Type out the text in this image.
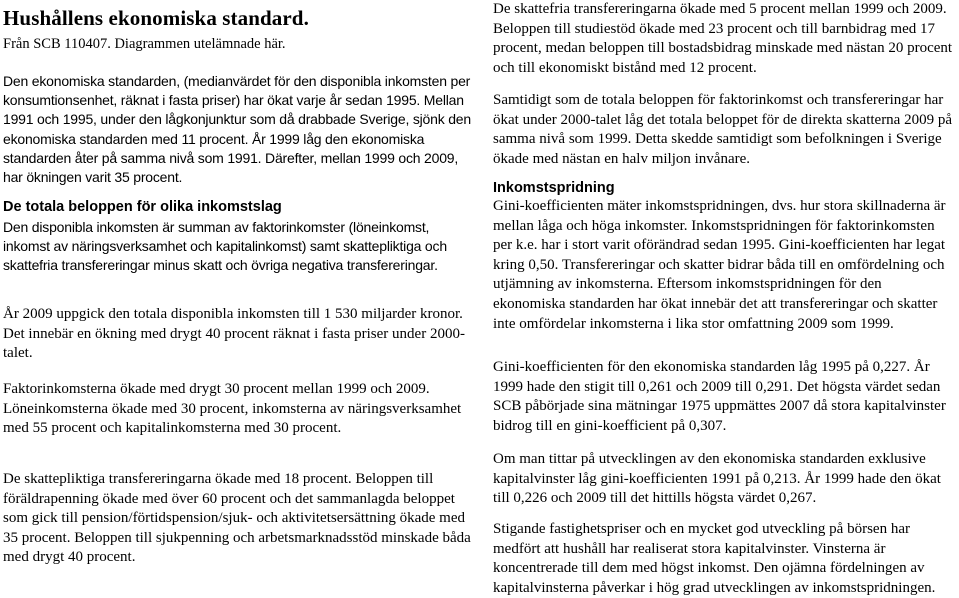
Hushållens ekonomiska standard.

Från SCB 110407. Diagrammen utelämnade här.

Den ekonomiska standarden, (medianvärdet för den disponibla inkomsten per konsumtionsenhet, räknat i fasta priser) har ökat varje år sedan 1995. Mellan 1991 och 1995, under den lågkonjunktur som då drabbade Sverige, sjönk den ekonomiska standarden med 11 procent. År 1999 låg den ekonomiska standarden åter på samma nivå som 1991. Därefter, mellan 1999 och 2009, har ökningen varit 35 procent.

De totala beloppen för olika inkomstslag

Den disponibla inkomsten är summan av faktorinkomster (löneinkomst, inkomst av näringsverksamhet och kapitalinkomst) samt skattepliktiga och skattefria transfereringar minus skatt och övriga negativa transfereringar.

År 2009 uppgick den totala disponibla inkomsten till 1 530 miljarder kronor. Det innebär en ökning med drygt 40 procent räknat i fasta priser under 2000-talet.

Faktorinkomsterna ökade med drygt 30 procent mellan 1999 och 2009. Löneinkomsterna ökade med 30 procent, inkomsterna av näringsverksamhet med 55 procent och kapitalinkomsterna med 30 procent.

De skattepliktiga transfereringarna ökade med 18 procent. Beloppen till föräldrapenning ökade med över 60 procent och det sammanlagda beloppet som gick till pension/förtidspension/sjuk- och aktivitetsersättning ökade med 35 procent. Beloppen till sjukpenning och arbetsmarknadsstöd minskade båda med drygt 40 procent.

De skattefria transfereringarna ökade med 5 procent mellan 1999 och 2009. Beloppen till studiestöd ökade med 23 procent och till barnbidrag med 17 procent, medan beloppen till bostadsbidrag minskade med nästan 20 procent och till ekonomiskt bistånd med 12 procent.

Samtidigt som de totala beloppen för faktorinkomst och transfereringar har ökat under 2000-talet låg det totala beloppet för de direkta skatterna 2009 på samma nivå som 1999. Detta skedde samtidigt som befolkningen i Sverige ökade med nästan en halv miljon invånare.

Inkomstspridning

Gini-koefficienten mäter inkomstspridningen, dvs. hur stora skillnaderna är mellan låga och höga inkomster. Inkomstspridningen för faktorinkomsten per k.e. har i stort varit oförändrad sedan 1995. Gini-koefficienten har legat kring 0,50. Transfereringar och skatter bidrar båda till en omfördelning och utjämning av inkomsterna. Eftersom inkomstspridningen för den ekonomiska standarden har ökat innebär det att transfereringar och skatter inte omfördelar inkomsterna i lika stor omfattning 2009 som 1999.

Gini-koefficienten för den ekonomiska standarden låg 1995 på 0,227. År 1999 hade den stigit till 0,261 och 2009 till 0,291. Det högsta värdet sedan SCB påbörjade sina mätningar 1975 uppmättes 2007 då stora kapitalvinster bidrog till en gini-koefficient på 0,307.

Om man tittar på utvecklingen av den ekonomiska standarden exklusive kapitalvinster låg gini-koefficienten 1991 på 0,213. År 1999 hade den ökat till 0,226 och 2009 till det hittills högsta värdet 0,267.

Stigande fastighetspriser och en mycket god utveckling på börsen har medfört att hushåll har realiserat stora kapitalvinster. Vinsterna är koncentrerade till dem med högst inkomst. Den ojämna fördelningen av kapitalvinsterna påverkar i hög grad utvecklingen av inkomstspridningen.
